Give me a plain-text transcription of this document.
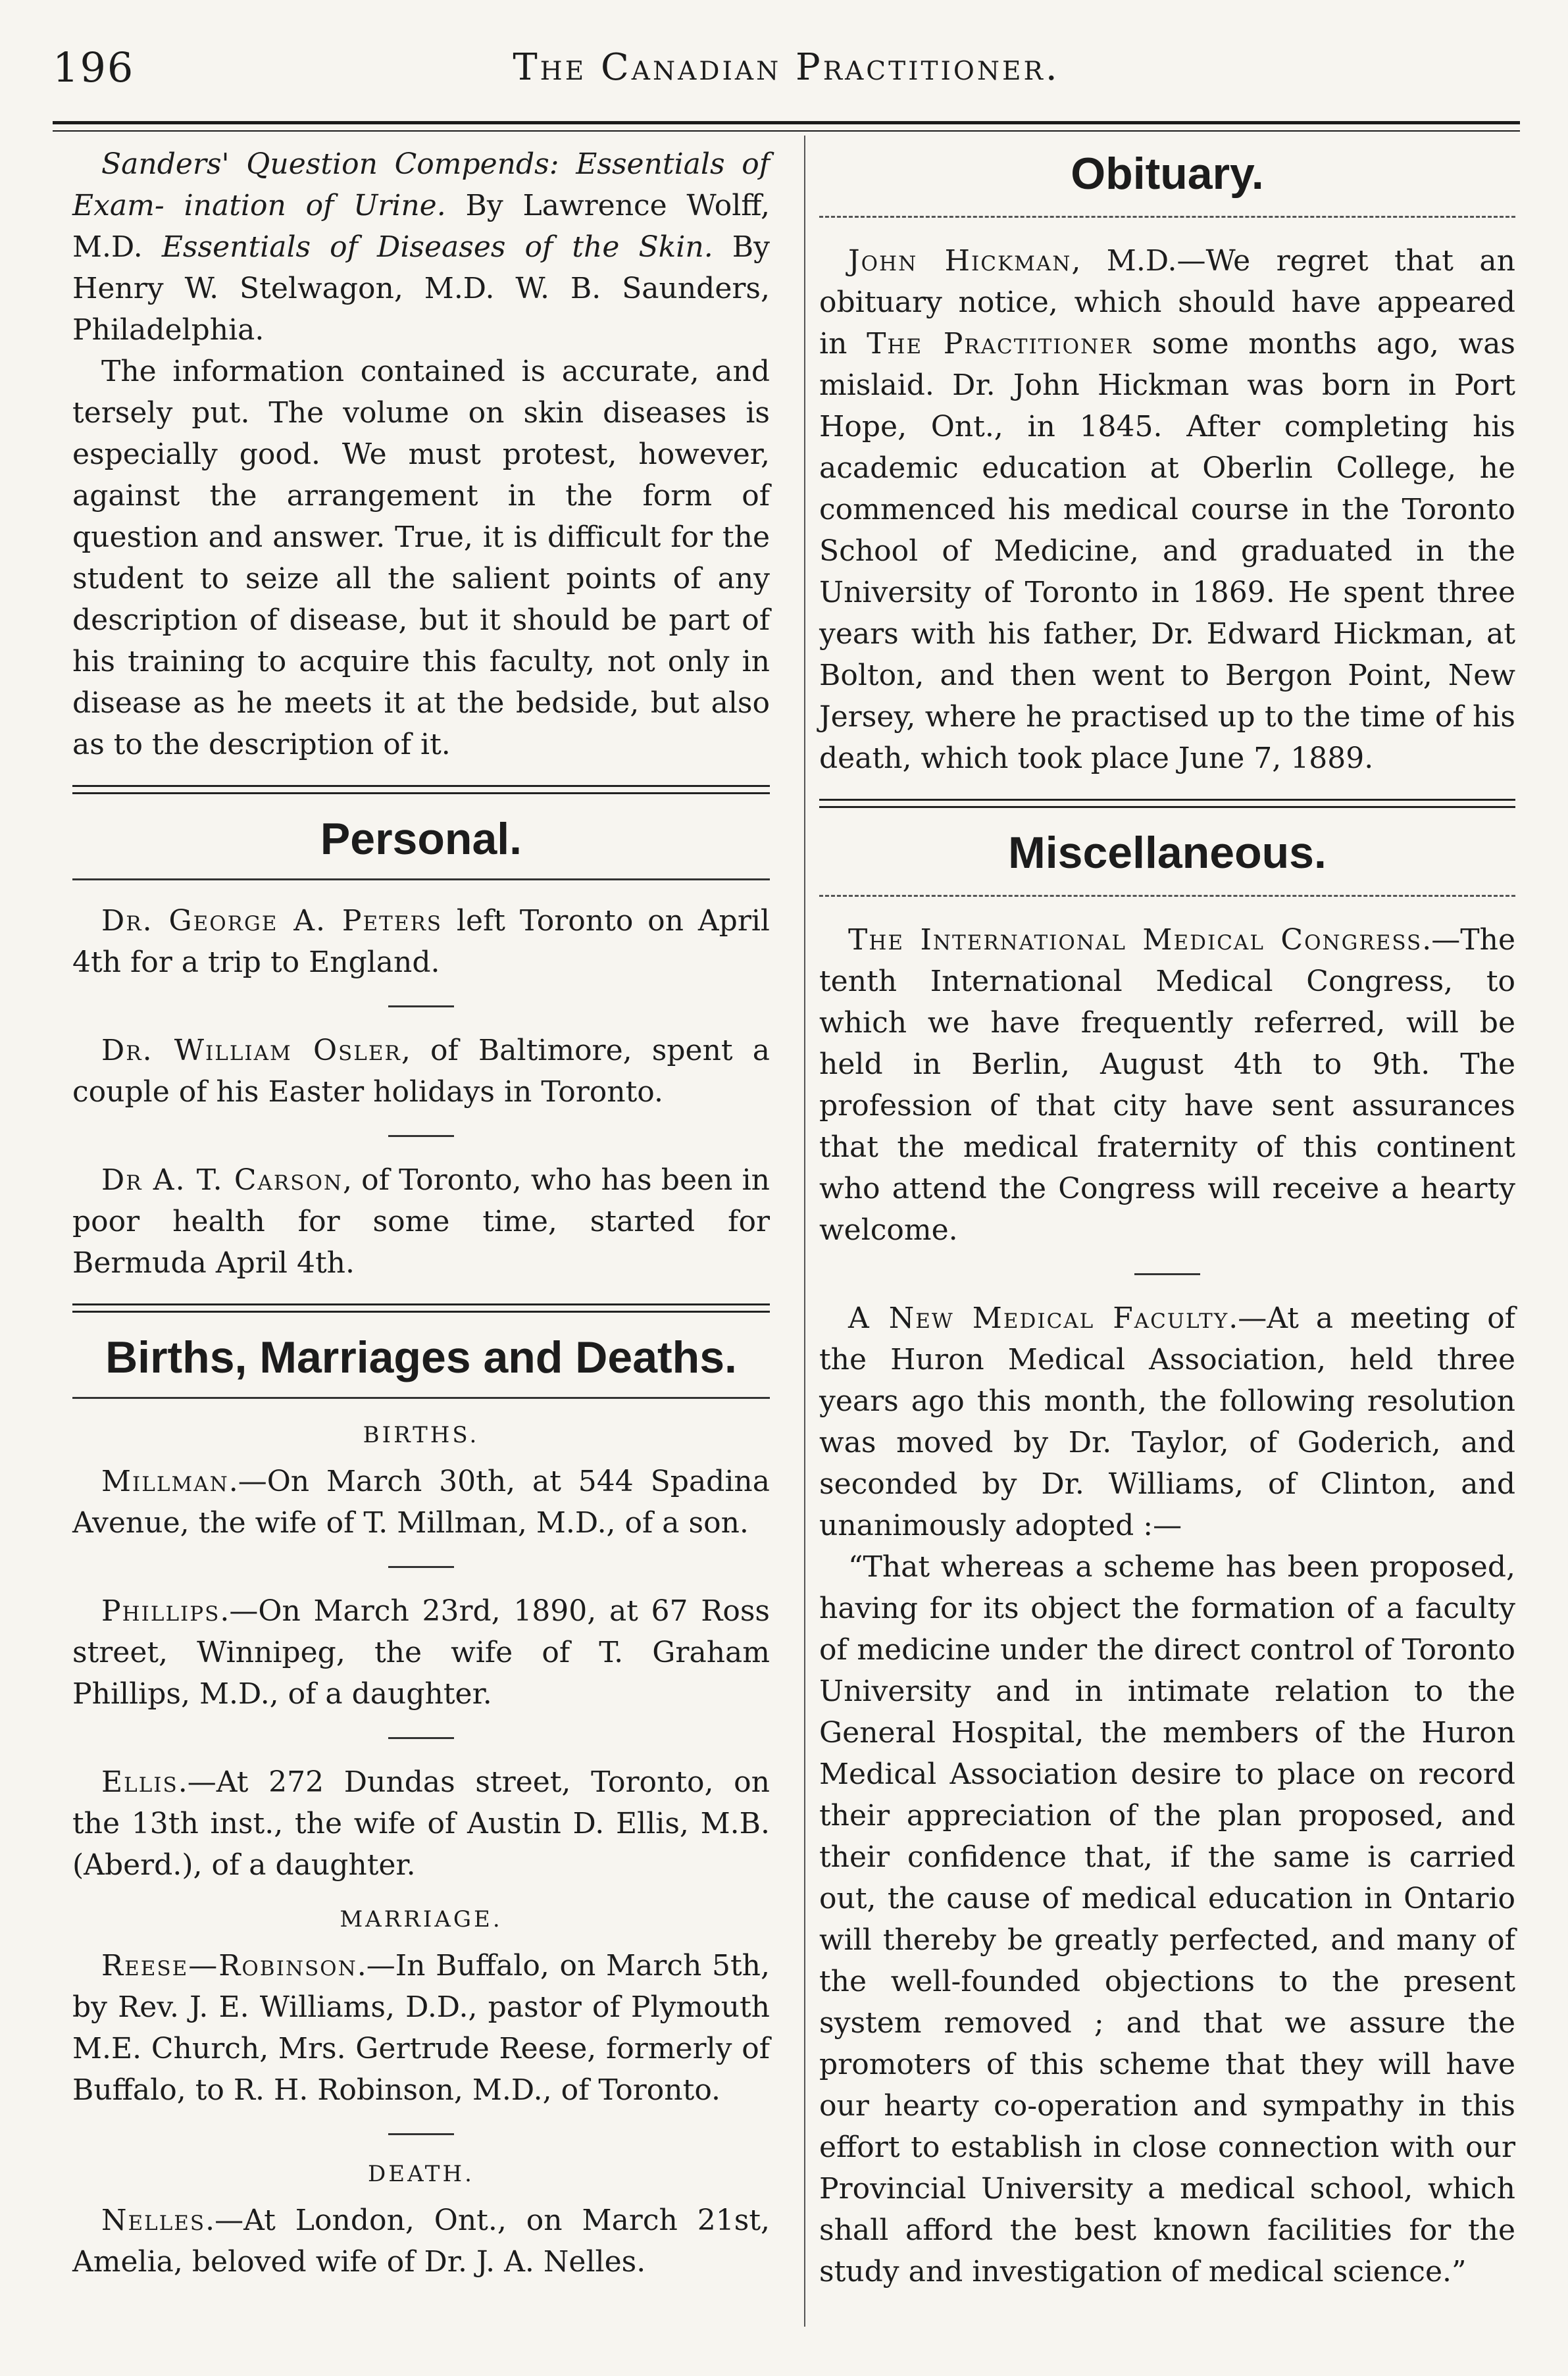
196	The Canadian Practitioner.

Sanders' Question Compends: Essentials of Exam- ination of Urine. By Lawrence Wolff, M.D. Essentials of Diseases of the Skin. By Henry W. Stelwagon, M.D. W. B. Saunders, Philadelphia.

The information contained is accurate, and tersely put. The volume on skin diseases is especially good. We must protest, however, against the arrangement in the form of question and answer. True, it is difficult for the student to seize all the salient points of any description of disease, but it should be part of his training to acquire this faculty, not only in disease as he meets it at the bedside, but also as to the description of it.

Personal.

Dr. George A. Peters left Toronto on April 4th for a trip to England.

Dr. William Osler, of Baltimore, spent a couple of his Easter holidays in Toronto.

Dr A. T. Carson, of Toronto, who has been in poor health for some time, started for Bermuda April 4th.

Births, Marriages and Deaths.
BIRTHS.

Millman.—On March 30th, at 544 Spadina Avenue, the wife of T. Millman, M.D., of a son.

Phillips.—On March 23rd, 1890, at 67 Ross street, Winnipeg, the wife of T. Graham Phillips, M.D., of a daughter.

Ellis.—At 272 Dundas street, Toronto, on the 13th inst., the wife of Austin D. Ellis, M.B. (Aberd.), of a daughter.

MARRIAGE.

Reese—Robinson.—In Buffalo, on March 5th, by Rev. J. E. Williams, D.D., pastor of Plymouth M.E. Church, Mrs. Gertrude Reese, formerly of Buffalo, to R. H. Robinson, M.D., of Toronto.

DEATH.

Nelles.—At London, Ont., on March 21st, Amelia, beloved wife of Dr. J. A. Nelles.

Obituary.

John Hickman, M.D.—We regret that an obituary notice, which should have appeared in The Practitioner some months ago, was mislaid. Dr. John Hickman was born in Port Hope, Ont., in 1845. After completing his academic education at Oberlin College, he commenced his medical course in the Toronto School of Medicine, and graduated in the University of Toronto in 1869. He spent three years with his father, Dr. Edward Hickman, at Bolton, and then went to Bergon Point, New Jersey, where he practised up to the time of his death, which took place June 7, 1889.

Miscellaneous.

The International Medical Congress.—The tenth International Medical Congress, to which we have frequently referred, will be held in Berlin, August 4th to 9th. The profession of that city have sent assurances that the medical fraternity of this continent who attend the Congress will receive a hearty welcome.

A New Medical Faculty.—At a meeting of the Huron Medical Association, held three years ago this month, the following resolution was moved by Dr. Taylor, of Goderich, and seconded by Dr. Williams, of Clinton, and unanimously adopted :—

“That whereas a scheme has been proposed, having for its object the formation of a faculty of medicine under the direct control of Toronto University and in intimate relation to the General Hospital, the members of the Huron Medical Association desire to place on record their appreciation of the plan proposed, and their confidence that, if the same is carried out, the cause of medical education in Ontario will thereby be greatly perfected, and many of the well-founded objections to the present system removed ; and that we assure the promoters of this scheme that they will have our hearty co-operation and sympathy in this effort to establish in close connection with our Provincial University a medical school, which shall afford the best known facilities for the study and investigation of medical science.”
